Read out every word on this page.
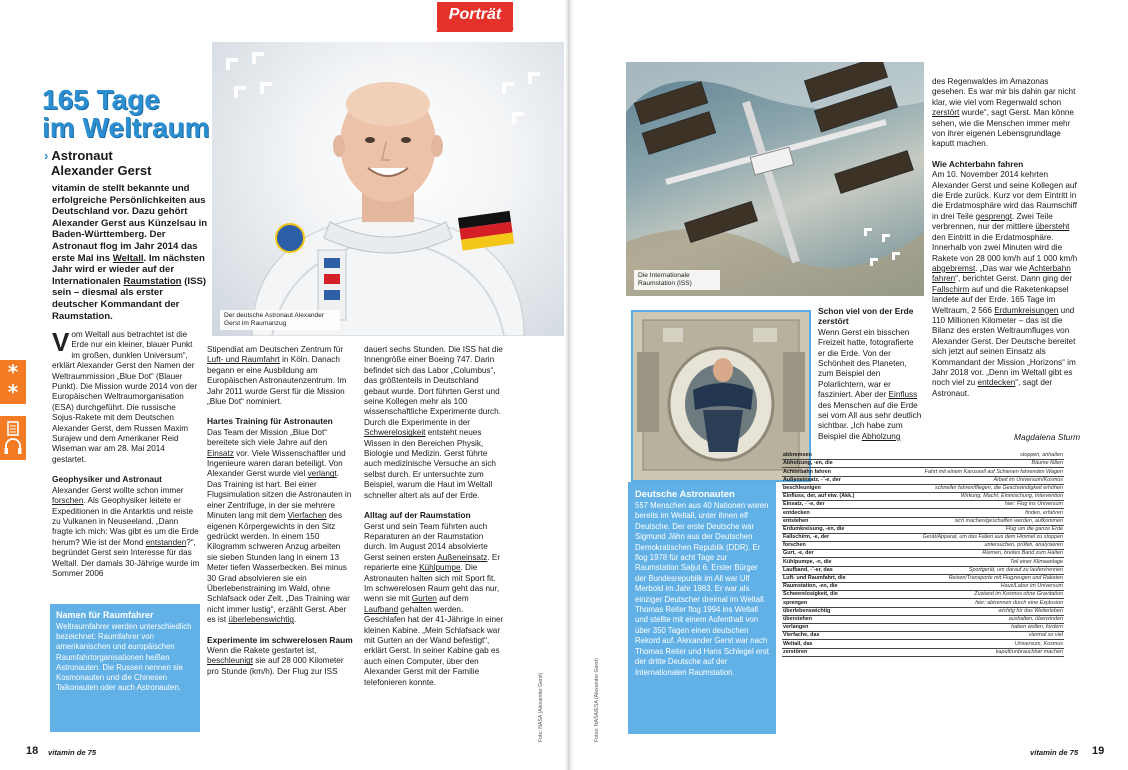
Porträt
*
*
165 Tage
im Weltraum
› Astronaut
Alexander Gerst
vitamin de stellt bekannte und erfolgreiche Persönlichkeiten aus Deutschland vor. Dazu gehört Alexander Gerst aus Künzelsau in Baden-Württemberg. Der Astronaut flog im Jahr 2014 das erste Mal ins Weltall. Im nächsten Jahr wird er wieder auf der Internationalen Raumstation (ISS) sein – diesmal als erster deutscher Kommandant der Raumstation.	Der deutsche Astronaut Alexander Gerst im Raumanzug

Vom Weltall aus betrachtet ist die Erde nur ein kleiner, blauer Punkt im großen, dunklen Universum“, erklärt Alexander Gerst den Namen der Weltraummission „Blue Dot“ (Blauer Punkt). Die Mission wurde 2014 von der Europäischen Weltraumorganisation (ESA) durchgeführt. Die russische Sojus-Rakete mit dem Deutschen Alexander Gerst, dem Russen Maxim Surajew und dem Amerikaner Reid Wiseman war am 28. Mai 2014 gestartet.

Geophysiker und Astronaut

Alexander Gerst wollte schon immer forschen. Als Geophysiker leitete er Expeditionen in die Antarktis und reiste zu Vulkanen in Neuseeland. „Dann fragte ich mich: Was gibt es um die Erde herum? Wie ist der Mond entstanden?“, begründet Gerst sein Interesse für das Weltall. Der damals 30-Jährige wurde im Sommer 2006

Stipendiat am Deutschen Zentrum für Luft- und Raumfahrt in Köln. Danach begann er eine Ausbildung am Europäischen Astronautenzentrum. Im Jahr 2011 wurde Gerst für die Mission „Blue Dot“ nominiert.

Hartes Training für Astronauten

Das Team der Mission „Blue Dot“ bereitete sich viele Jahre auf den Einsatz vor. Viele Wissenschaftler und Ingenieure waren daran beteiligt. Von Alexander Gerst wurde viel verlangt. Das Training ist hart. Bei einer Flugsimulation sitzen die Astronauten in einer Zentrifuge, in der sie mehrere Minuten lang mit dem Vierfachen des eigenen Körpergewichts in den Sitz gedrückt werden. In einem 150 Kilogramm schweren Anzug arbeiten sie sieben Stunden lang in einem 13 Meter tiefen Wasserbecken. Bei minus 30 Grad absolvieren sie ein Überlebenstraining im Wald, ohne Schlafsack oder Zelt. „Das Training war nicht immer lustig“, erzählt Gerst. Aber es ist überlebenswichtig.

Experimente im schwerelosen Raum

Wenn die Rakete gestartet ist, beschleunigt sie auf 28 000 Kilometer pro Stunde (km/h). Der Flug zur ISS

dauert sechs Stunden. Die ISS hat die Innengröße einer Boeing 747. Darin befindet sich das Labor „Columbus“, das größtenteils in Deutschland gebaut wurde. Dort führten Gerst und seine Kollegen mehr als 100 wissenschaftliche Experimente durch. Durch die Experimente in der Schwerelosigkeit entsteht neues Wissen in den Bereichen Physik, Biologie und Medizin. Gerst führte auch medizinische Versuche an sich selbst durch. Er untersuchte zum Beispiel, warum die Haut im Weltall schneller altert als auf der Erde.

Alltag auf der Raumstation

Gerst und sein Team führten auch Reparaturen an der Raumstation durch. Im August 2014 absolvierte Gerst seinen ersten Außeneinsatz. Er reparierte eine Kühlpumpe. Die Astronauten halten sich mit Sport fit. Im schwerelosen Raum geht das nur, wenn sie mit Gurten auf dem Laufband gehalten werden. Geschlafen hat der 41-Jährige in einer kleinen Kabine. „Mein Schlafsack war mit Gurten an der Wand befestigt“, erklärt Gerst. In seiner Kabine gab es auch einen Computer, über den Alexander Gerst mit der Familie telefonieren konnte.

Namen für Raumfahrer

Weltraumfahrer werden unterschiedlich bezeichnet: Raumfahrer von amerikanischen und europäischen Raumfahrtorganisationen heißen Astronauten. Die Russen nennen sie Kosmonauten und die Chinesen Taikonauten oder auch Astronauten.	Foto: NASA (Alexander Gerst)	Fotos: NASA/ESA (Alexander Gerst)
Die Internationale Raumstation (ISS)
Deutsche Astronauten

557 Menschen aus 40 Nationen waren bereits im Weltall, unter ihnen elf Deutsche. Der erste Deutsche war Sigmund Jähn aus der Deutschen Demokratischen Republik (DDR). Er flog 1978 für acht Tage zur Raumstation Saljut 6. Erster Bürger der Bundesrepublik im All war Ulf Merbold im Jahr 1983. Er war als einziger Deutscher dreimal im Weltall. Thomas Reiter flog 1994 ins Weltall und stellte mit einem Aufenthalt von über 350 Tagen einen deutschen Rekord auf. Alexander Gerst war nach Thomas Reiter und Hans Schlegel erst der dritte Deutsche auf der Internationalen Raumstation.

Schon viel von der Erde zerstört

Wenn Gerst ein bisschen Freizeit hatte, fotografierte er die Erde. Von der Schönheit des Planeten, zum Beispiel den Polarlichtern, war er fasziniert. Aber der Einfluss des Menschen auf die Erde sei vom All aus sehr deutlich sichtbar. „Ich habe zum Beispiel die Abholzung

des Regenwaldes im Amazonas gesehen. Es war mir bis dahin gar nicht klar, wie viel vom Regenwald schon zerstört wurde“, sagt Gerst. Man könne sehen, wie die Menschen immer mehr von ihrer eigenen Lebensgrundlage kaputt machen.

Wie Achterbahn fahren

Am 10. November 2014 kehrten Alexander Gerst und seine Kollegen auf die Erde zurück. Kurz vor dem Eintritt in die Erdatmosphäre wird das Raumschiff in drei Teile gesprengt. Zwei Teile verbrennen, nur der mittlere übersteht den Eintritt in die Erdatmosphäre. Innerhalb von zwei Minuten wird die Rakete von 28 000 km/h auf 1 000 km/h abgebremst. „Das war wie Achterbahn fahren“, berichtet Gerst. Dann ging der Fallschirm auf und die Raketenkapsel landete auf der Erde. 165 Tage im Weltraum, 2 566 Erdumkreisungen und 110 Millionen Kilometer – das ist die Bilanz des ersten Weltraumfluges von Alexander Gerst. Der Deutsche bereitet sich jetzt auf seinen Einsatz als Kommandant der Mission „Horizons“ im Jahr 2018 vor. „Denn im Weltall gibt es noch viel zu entdecken“, sagt der Astronaut.

Magdalena Sturm
abbremsen	stoppen, anhalten
Abholzung, -en, die	Bäume fällen
Achterbahn fahren	Fahrt mit einem Karussell auf Schienen fahrenden Wagen
Außeneinsatz, -¨-e, der	Arbeit im Universum/Kosmos
beschleunigen	schneller fahren/fliegen, die Geschwindigkeit erhöhen
Einfluss, der, auf etw. (Akk.)	Wirkung, Macht, Einmischung, Intervention
Einsatz, -¨-e, der	hier: Flug ins Universum
entdecken	finden, erfahren
entstehen	sich machen/geschaffen werden, aufkommen
Erdumkreisung, -en, die	Flug um die ganze Erde
Fallschirm, -e, der	Gerät/Apparat, um das Fallen aus dem Himmel zu stoppen
forschen	untersuchen, prüfen, analysieren
Gurt, -e, der	Riemen, breites Band zum Halten
Kühlpumpe, -n, die	Teil einer Klimaanlage
Laufband, -¨-er, das	Sportgerät, um darauf zu laufen/rennen
Luft- und Raumfahrt, die	Reisen/Transporte mit Flugzeugen und Raketen
Raumstation, -en, die	Haus/Labor im Universum
Schwerelosigkeit, die	Zustand im Kosmos ohne Gravitation
sprengen	hier: abtrennen durch eine Explosion
überlebenswichtig	wichtig für das Weiterleben
überstehen	aushalten, überwinden
verlangen	haben wollen, fordern
Vierfache, das	viermal so viel
Weltall, das	Universum, Kosmos
zerstören	kaputt/unbrauchbar machen
18 vitamin de 75	vitamin de 75 19
